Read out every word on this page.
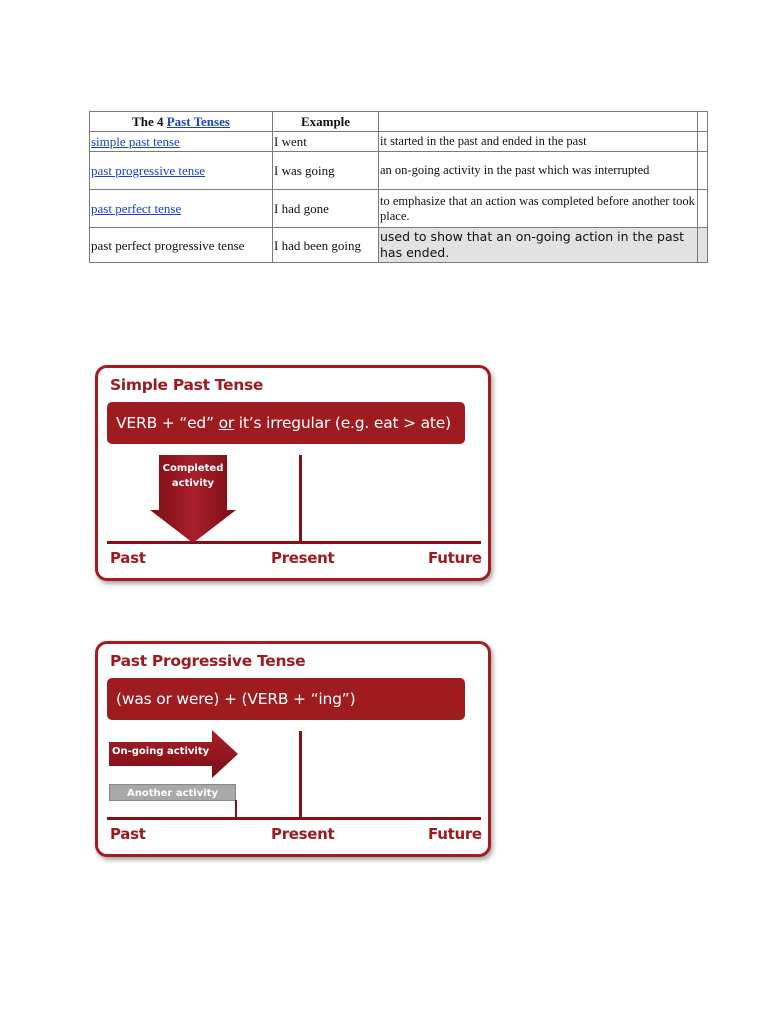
The 4 Past Tenses	Example		
simple past tense	I went	it started in the past and ended in the past	
past progressive tense	I was going	an on-going activity in the past which was interrupted	
past perfect tense	I had gone	to emphasize that an action was completed before another took place.	
past perfect progressive tense	I had been going	used to show that an on-going action in the past has ended.	
Simple Past Tense
VERB + “ed” or it’s irregular (e.g. eat > ate)
Completed
activity
Past	Present	Future
Past Progressive Tense
(was or were) + (VERB + “ing”)
On-going activity
Another activity
Past	Present	Future
